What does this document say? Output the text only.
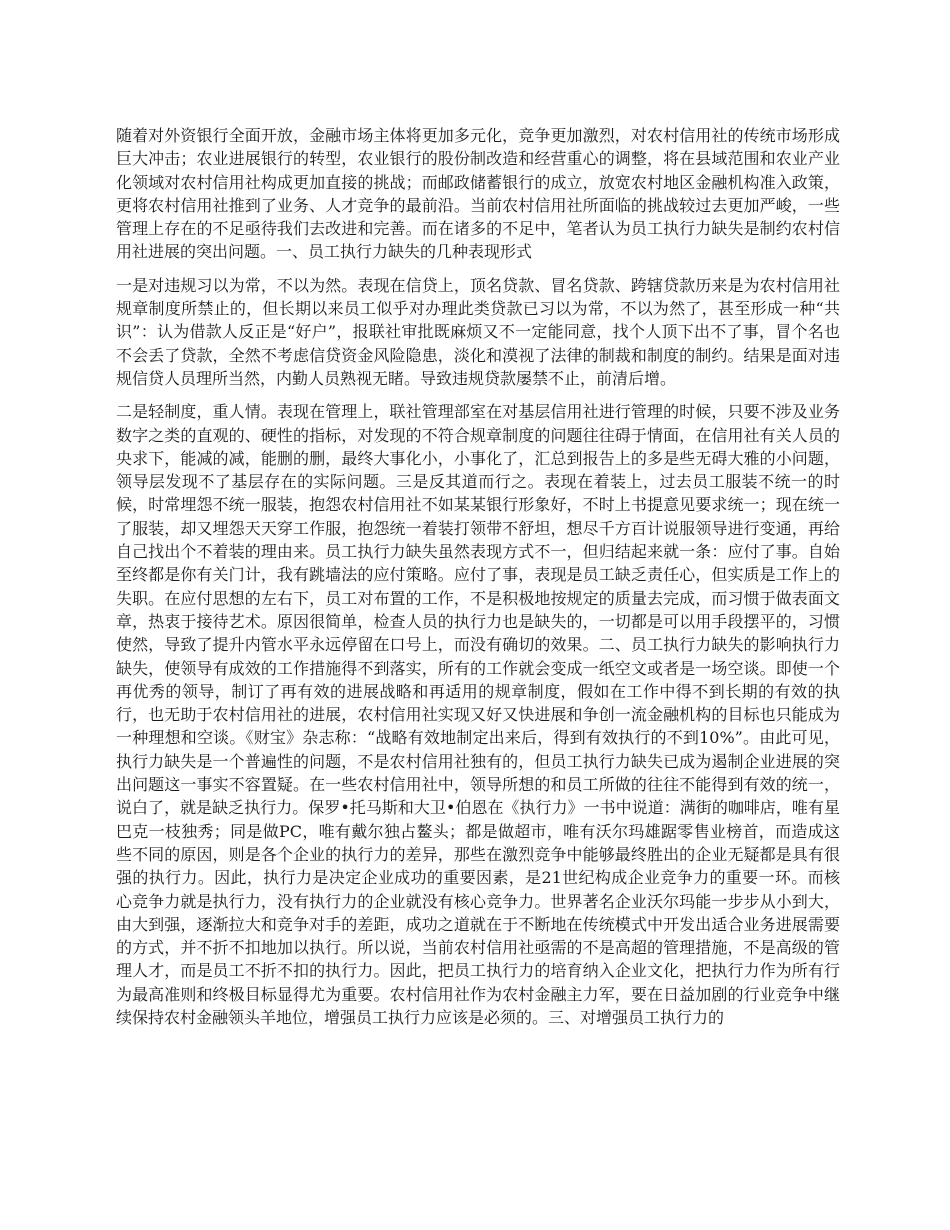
随着对外资银行全面开放，金融市场主体将更加多元化，竞争更加激烈，对农村信用社的传统市场形成巨大冲击；农业进展银行的转型，农业银行的股份制改造和经营重心的调整，将在县域范围和农业产业化领域对农村信用社构成更加直接的挑战；而邮政储蓄银行的成立，放宽农村地区金融机构准入政策，更将农村信用社推到了业务、人才竞争的最前沿。当前农村信用社所面临的挑战较过去更加严峻，一些管理上存在的不足亟待我们去改进和完善。而在诸多的不足中，笔者认为员工执行力缺失是制约农村信用社进展的突出问题。一、员工执行力缺失的几种表现形式

一是对违规习以为常，不以为然。表现在信贷上，顶名贷款、冒名贷款、跨辖贷款历来是为农村信用社规章制度所禁止的，但长期以来员工似乎对办理此类贷款已习以为常，不以为然了，甚至形成一种“共识”：认为借款人反正是“好户”，报联社审批既麻烦又不一定能同意，找个人顶下出不了事，冒个名也不会丢了贷款，全然不考虑信贷资金风险隐患，淡化和漠视了法律的制裁和制度的制约。结果是面对违规信贷人员理所当然，内勤人员熟视无睹。导致违规贷款屡禁不止，前清后增。

二是轻制度，重人情。表现在管理上，联社管理部室在对基层信用社进行管理的时候，只要不涉及业务数字之类的直观的、硬性的指标，对发现的不符合规章制度的问题往往碍于情面，在信用社有关人员的央求下，能减的减，能删的删，最终大事化小，小事化了，汇总到报告上的多是些无碍大雅的小问题，领导层发现不了基层存在的实际问题。三是反其道而行之。表现在着装上，过去员工服装不统一的时候，时常埋怨不统一服装，抱怨农村信用社不如某某银行形象好，不时上书提意见要求统一；现在统一了服装，却又埋怨天天穿工作服，抱怨统一着装打领带不舒坦，想尽千方百计说服领导进行变通，再给自己找出个不着装的理由来。员工执行力缺失虽然表现方式不一，但归结起来就一条：应付了事。自始至终都是你有关门计，我有跳墙法的应付策略。应付了事，表现是员工缺乏责任心，但实质是工作上的失职。在应付思想的左右下，员工对布置的工作，不是积极地按规定的质量去完成，而习惯于做表面文章，热衷于接待艺术。原因很简单，检查人员的执行力也是缺失的，一切都是可以用手段摆平的，习惯使然，导致了提升内管水平永远停留在口号上，而没有确切的效果。二、员工执行力缺失的影响执行力缺失，使领导有成效的工作措施得不到落实，所有的工作就会变成一纸空文或者是一场空谈。即使一个再优秀的领导，制订了再有效的进展战略和再适用的规章制度，假如在工作中得不到长期的有效的执行，也无助于农村信用社的进展，农村信用社实现又好又快进展和争创一流金融机构的目标也只能成为一种理想和空谈。《财宝》杂志称：“战略有效地制定出来后，得到有效执行的不到10%”。由此可见，执行力缺失是一个普遍性的问题，不是农村信用社独有的，但员工执行力缺失已成为遏制企业进展的突出问题这一事实不容置疑。在一些农村信用社中，领导所想的和员工所做的往往不能得到有效的统一，说白了，就是缺乏执行力。保罗•托马斯和大卫•伯恩在《执行力》一书中说道：满街的咖啡店，唯有星巴克一枝独秀；同是做PC，唯有戴尔独占鳌头；都是做超市，唯有沃尔玛雄踞零售业榜首，而造成这些不同的原因，则是各个企业的执行力的差异，那些在激烈竞争中能够最终胜出的企业无疑都是具有很强的执行力。因此，执行力是决定企业成功的重要因素，是21世纪构成企业竞争力的重要一环。而核心竞争力就是执行力，没有执行力的企业就没有核心竞争力。世界著名企业沃尔玛能一步步从小到大，由大到强，逐渐拉大和竞争对手的差距，成功之道就在于不断地在传统模式中开发出适合业务进展需要的方式，并不折不扣地加以执行。所以说，当前农村信用社亟需的不是高超的管理措施，不是高级的管理人才，而是员工不折不扣的执行力。因此，把员工执行力的培育纳入企业文化，把执行力作为所有行为最高准则和终极目标显得尤为重要。农村信用社作为农村金融主力军，要在日益加剧的行业竞争中继续保持农村金融领头羊地位，增强员工执行力应该是必须的。三、对增强员工执行力的
